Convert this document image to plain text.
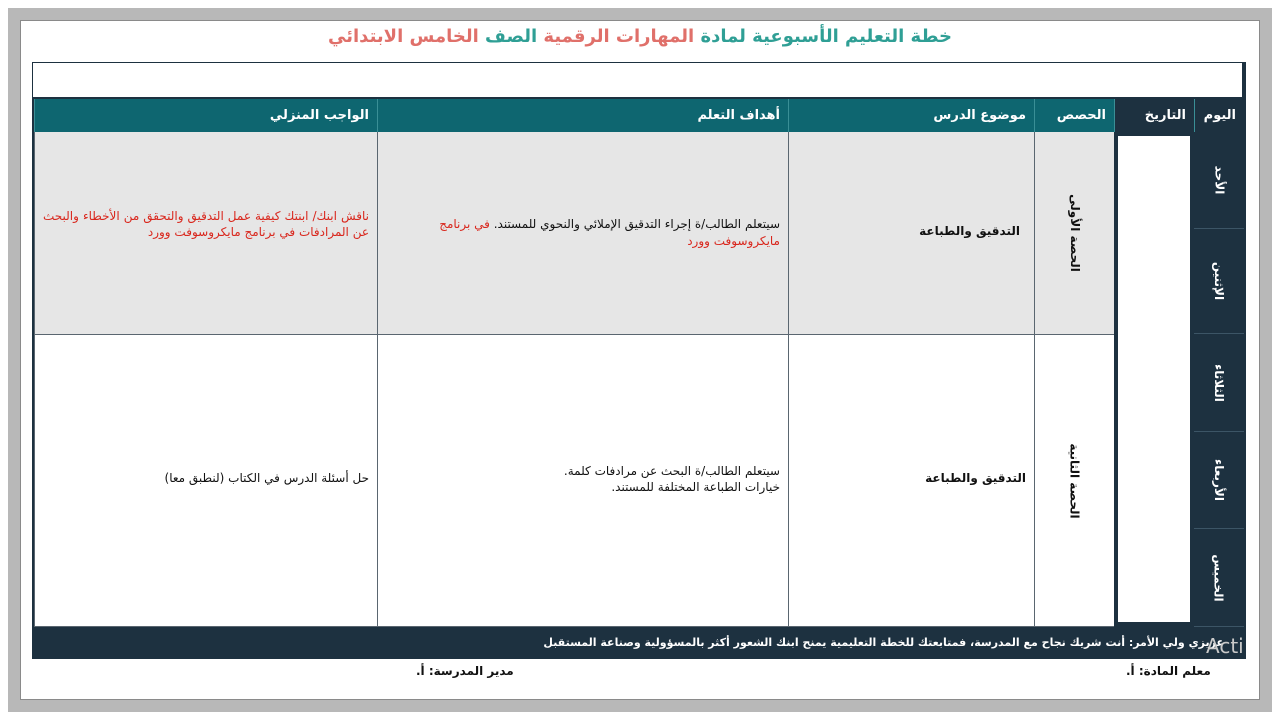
خطة التعليم الأسبوعية لمادة المهارات الرقمية الصف الخامس الابتدائي
اليوم
التاريخ
الحصص
موضوع الدرس
أهداف التعلم
الواجب المنزلي
الأحد
الإثنين
الثلاثاء
الأربعاء
الخميس
الحصة الأولى
التدقيق والطباعة
سيتعلم الطالب/ة إجراء التدقيق الإملائي والنحوي للمستند. في برنامج مايكروسوفت وورد
ناقش ابنك/ ابنتك كيفية عمل التدقيق والتحقق من الأخطاء والبحث عن المرادفات في برنامج مايكروسوفت وورد
الحصة الثانية
التدقيق والطباعة
سيتعلم الطالب/ة البحث عن مرادفات كلمة.
خيارات الطباعة المختلفة للمستند.
حل أسئلة الدرس في الكتاب (لنطبق معا)
عزيزي ولي الأمر: أنت شريك نجاح مع المدرسة، فمتابعتك للخطة التعليمية يمنح ابنك الشعور أكثر بالمسؤولية وصناعة المستقبل
معلم المادة: أ.
مدير المدرسة: أ.
Acti
